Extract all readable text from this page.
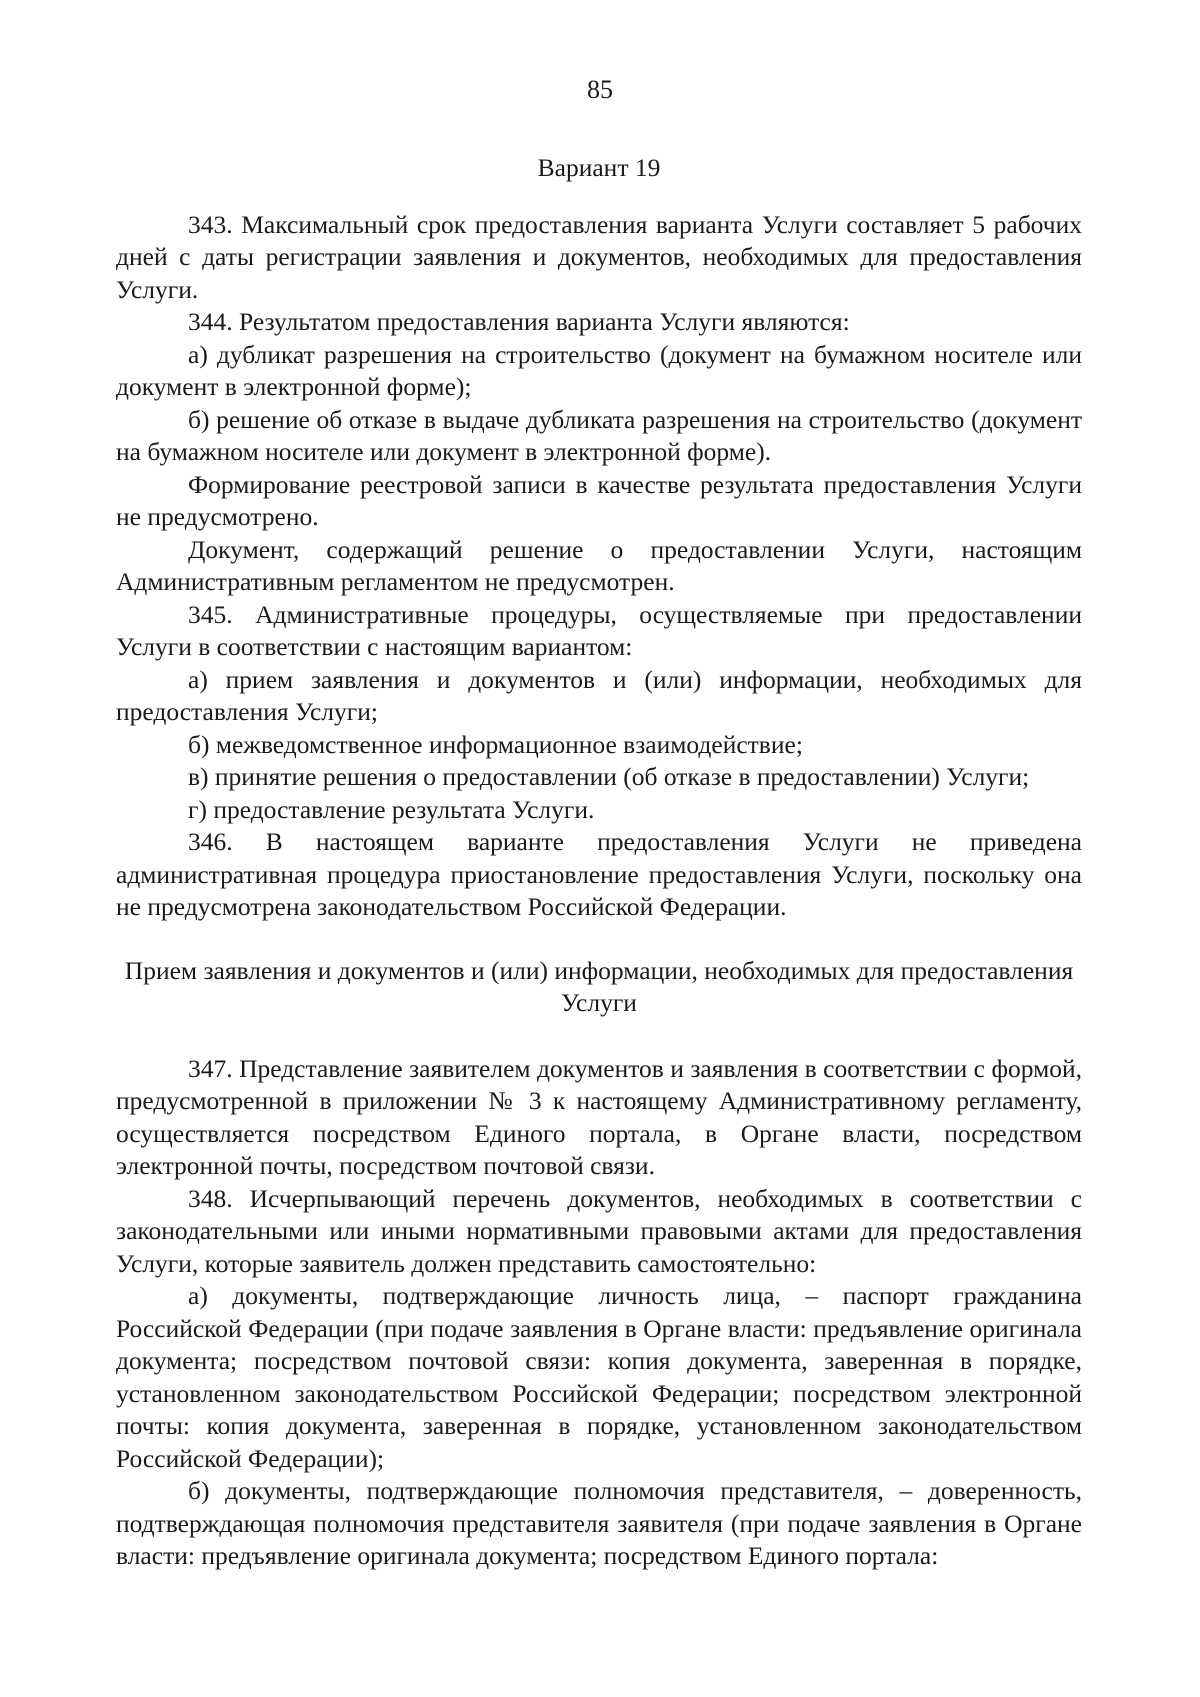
85

Вариант 19

343. Максимальный срок предоставления варианта Услуги составляет 5 рабочих дней с даты регистрации заявления и документов, необходимых для предоставления Услуги.

344. Результатом предоставления варианта Услуги являются:

а) дубликат разрешения на строительство (документ на бумажном носителе или документ в электронной форме);

б) решение об отказе в выдаче дубликата разрешения на строительство (документ на бумажном носителе или документ в электронной форме).

Формирование реестровой записи в качестве результата предоставления Услуги не предусмотрено.

Документ, содержащий решение о предоставлении Услуги, настоящим Административным регламентом не предусмотрен.

345. Административные процедуры, осуществляемые при предоставлении Услуги в соответствии с настоящим вариантом:

а) прием заявления и документов и (или) информации, необходимых для предоставления Услуги;

б) межведомственное информационное взаимодействие;

в) принятие решения о предоставлении (об отказе в предоставлении) Услуги;

г) предоставление результата Услуги.

346. В настоящем варианте предоставления Услуги не приведена административная процедура приостановление предоставления Услуги, поскольку она не предусмотрена законодательством Российской Федерации.

Прием заявления и документов и (или) информации, необходимых для предоставления Услуги

347. Представление заявителем документов и заявления в соответствии с формой, предусмотренной в приложении № 3 к настоящему Административному регламенту, осуществляется посредством Единого портала, в Органе власти, посредством электронной почты, посредством почтовой связи.

348. Исчерпывающий перечень документов, необходимых в соответствии с законодательными или иными нормативными правовыми актами для предоставления Услуги, которые заявитель должен представить самостоятельно:

а) документы, подтверждающие личность лица, – паспорт гражданина Российской Федерации (при подаче заявления в Органе власти: предъявление оригинала документа; посредством почтовой связи: копия документа, заверенная в порядке, установленном законодательством Российской Федерации; посредством электронной почты: копия документа, заверенная в порядке, установленном законодательством Российской Федерации);

б) документы, подтверждающие полномочия представителя, – доверенность, подтверждающая полномочия представителя заявителя (при подаче заявления в Органе власти: предъявление оригинала документа; посредством Единого портала:
